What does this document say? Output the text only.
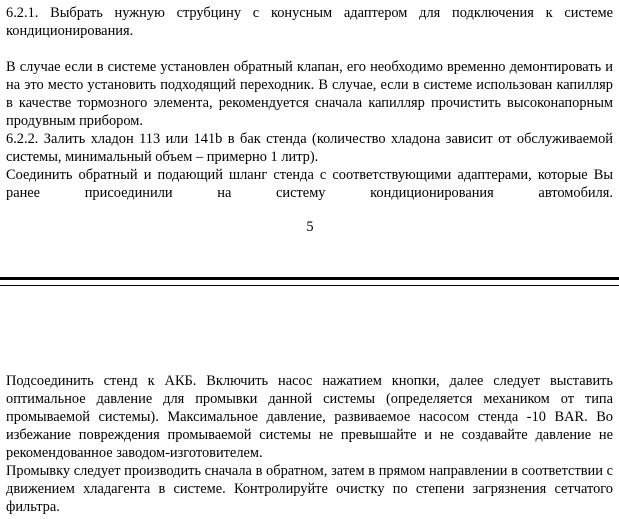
6.2.1. Выбрать нужную струбцину с конусным адаптером для подключения к системе кондиционирования.

В случае если в системе установлен обратный клапан, его необходимо временно демонтировать и на это место установить подходящий переходник. В случае, если в системе использован капилляр в качестве тормозного элемента, рекомендуется сначала капилляр прочистить высоконапорным продувным прибором.

6.2.2. Залить хладон 113 или 141b в бак стенда (количество хладона зависит от обслуживаемой системы, минимальный объем – примерно 1 литр).

Соединить обратный и подающий шланг стенда с соответствующими адаптерами, которые Вы ранее присоединили на систему кондиционирования автомобиля.

5

Подсоединить стенд к АКБ. Включить насос нажатием кнопки, далее следует выставить оптимальное давление для промывки данной системы (определяется механиком от типа промываемой системы). Максимальное давление, развиваемое насосом стенда -10 BAR. Во избежание повреждения промываемой системы не превышайте и не создавайте давление не рекомендованное заводом-изготовителем.

Промывку следует производить сначала в обратном, затем в прямом направлении в соответствии с движением хладагента в системе. Контролируйте очистку по степени загрязнения сетчатого фильтра.
